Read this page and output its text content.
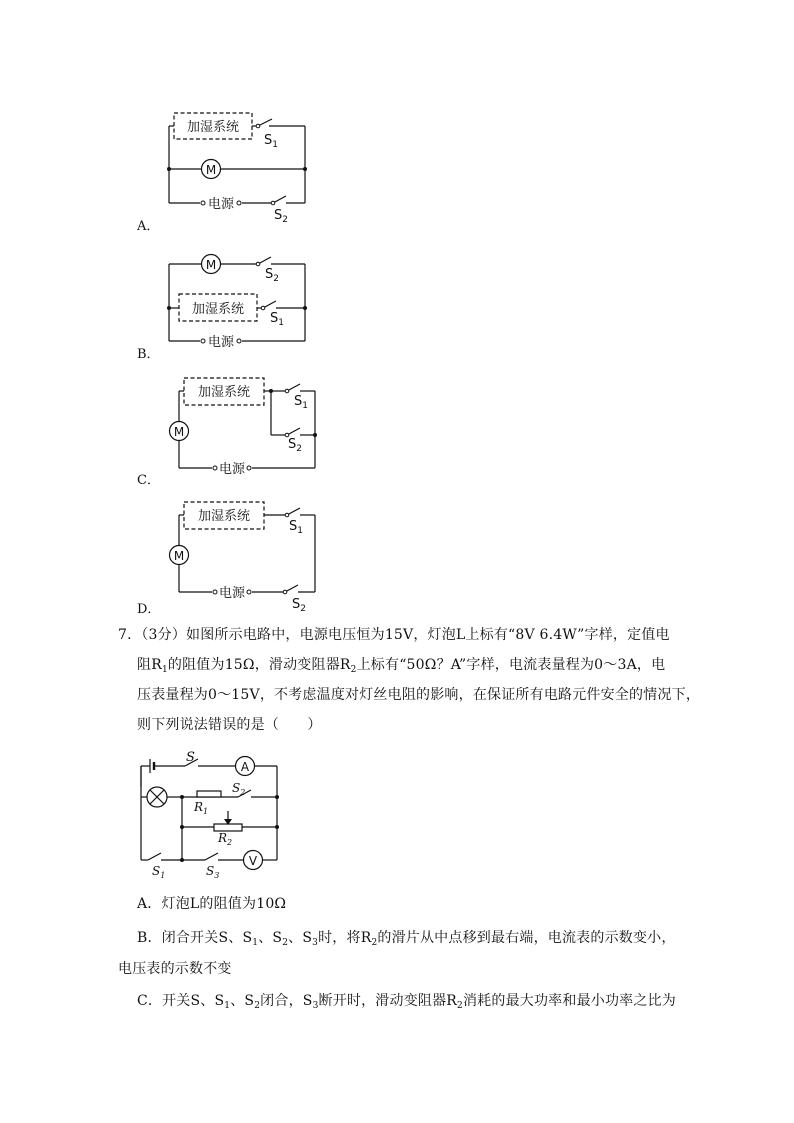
加湿系统
M
电源
$S_1$
$S_2$
A．
M
加湿系统
电源
$S_2$
$S_1$
B．
加湿系统
M
电源
$S_1$
$S_2$
C．
加湿系统
M
电源
$S_1$
$S_2$
D．
7．（3分）如图所示电路中，电源电压恒为15V，灯泡L上标有“8V 6.4W”字样，定值电
阻$R_1$的阻值为15Ω，滑动变阻器$R_2$上标有“50Ω？A”字样，电流表量程为0～3A，电
压表量程为0～15V，不考虑温度对灯丝电阻的影响，在保证所有电路元件安全的情况下，
则下列说法错误的是（　　）
S
A
V
$S_2$
$R_1$
$R_2$
$S_1$	$S_3$
A．灯泡L的阻值为10Ω
B．闭合开关S、$S_1$、$S_2$、$S_3$时，将$R_2$的滑片从中点移到最右端，电流表的示数变小，
电压表的示数不变
C．开关S、$S_1$、$S_2$闭合，$S_3$断开时，滑动变阻器$R_2$消耗的最大功率和最小功率之比为
